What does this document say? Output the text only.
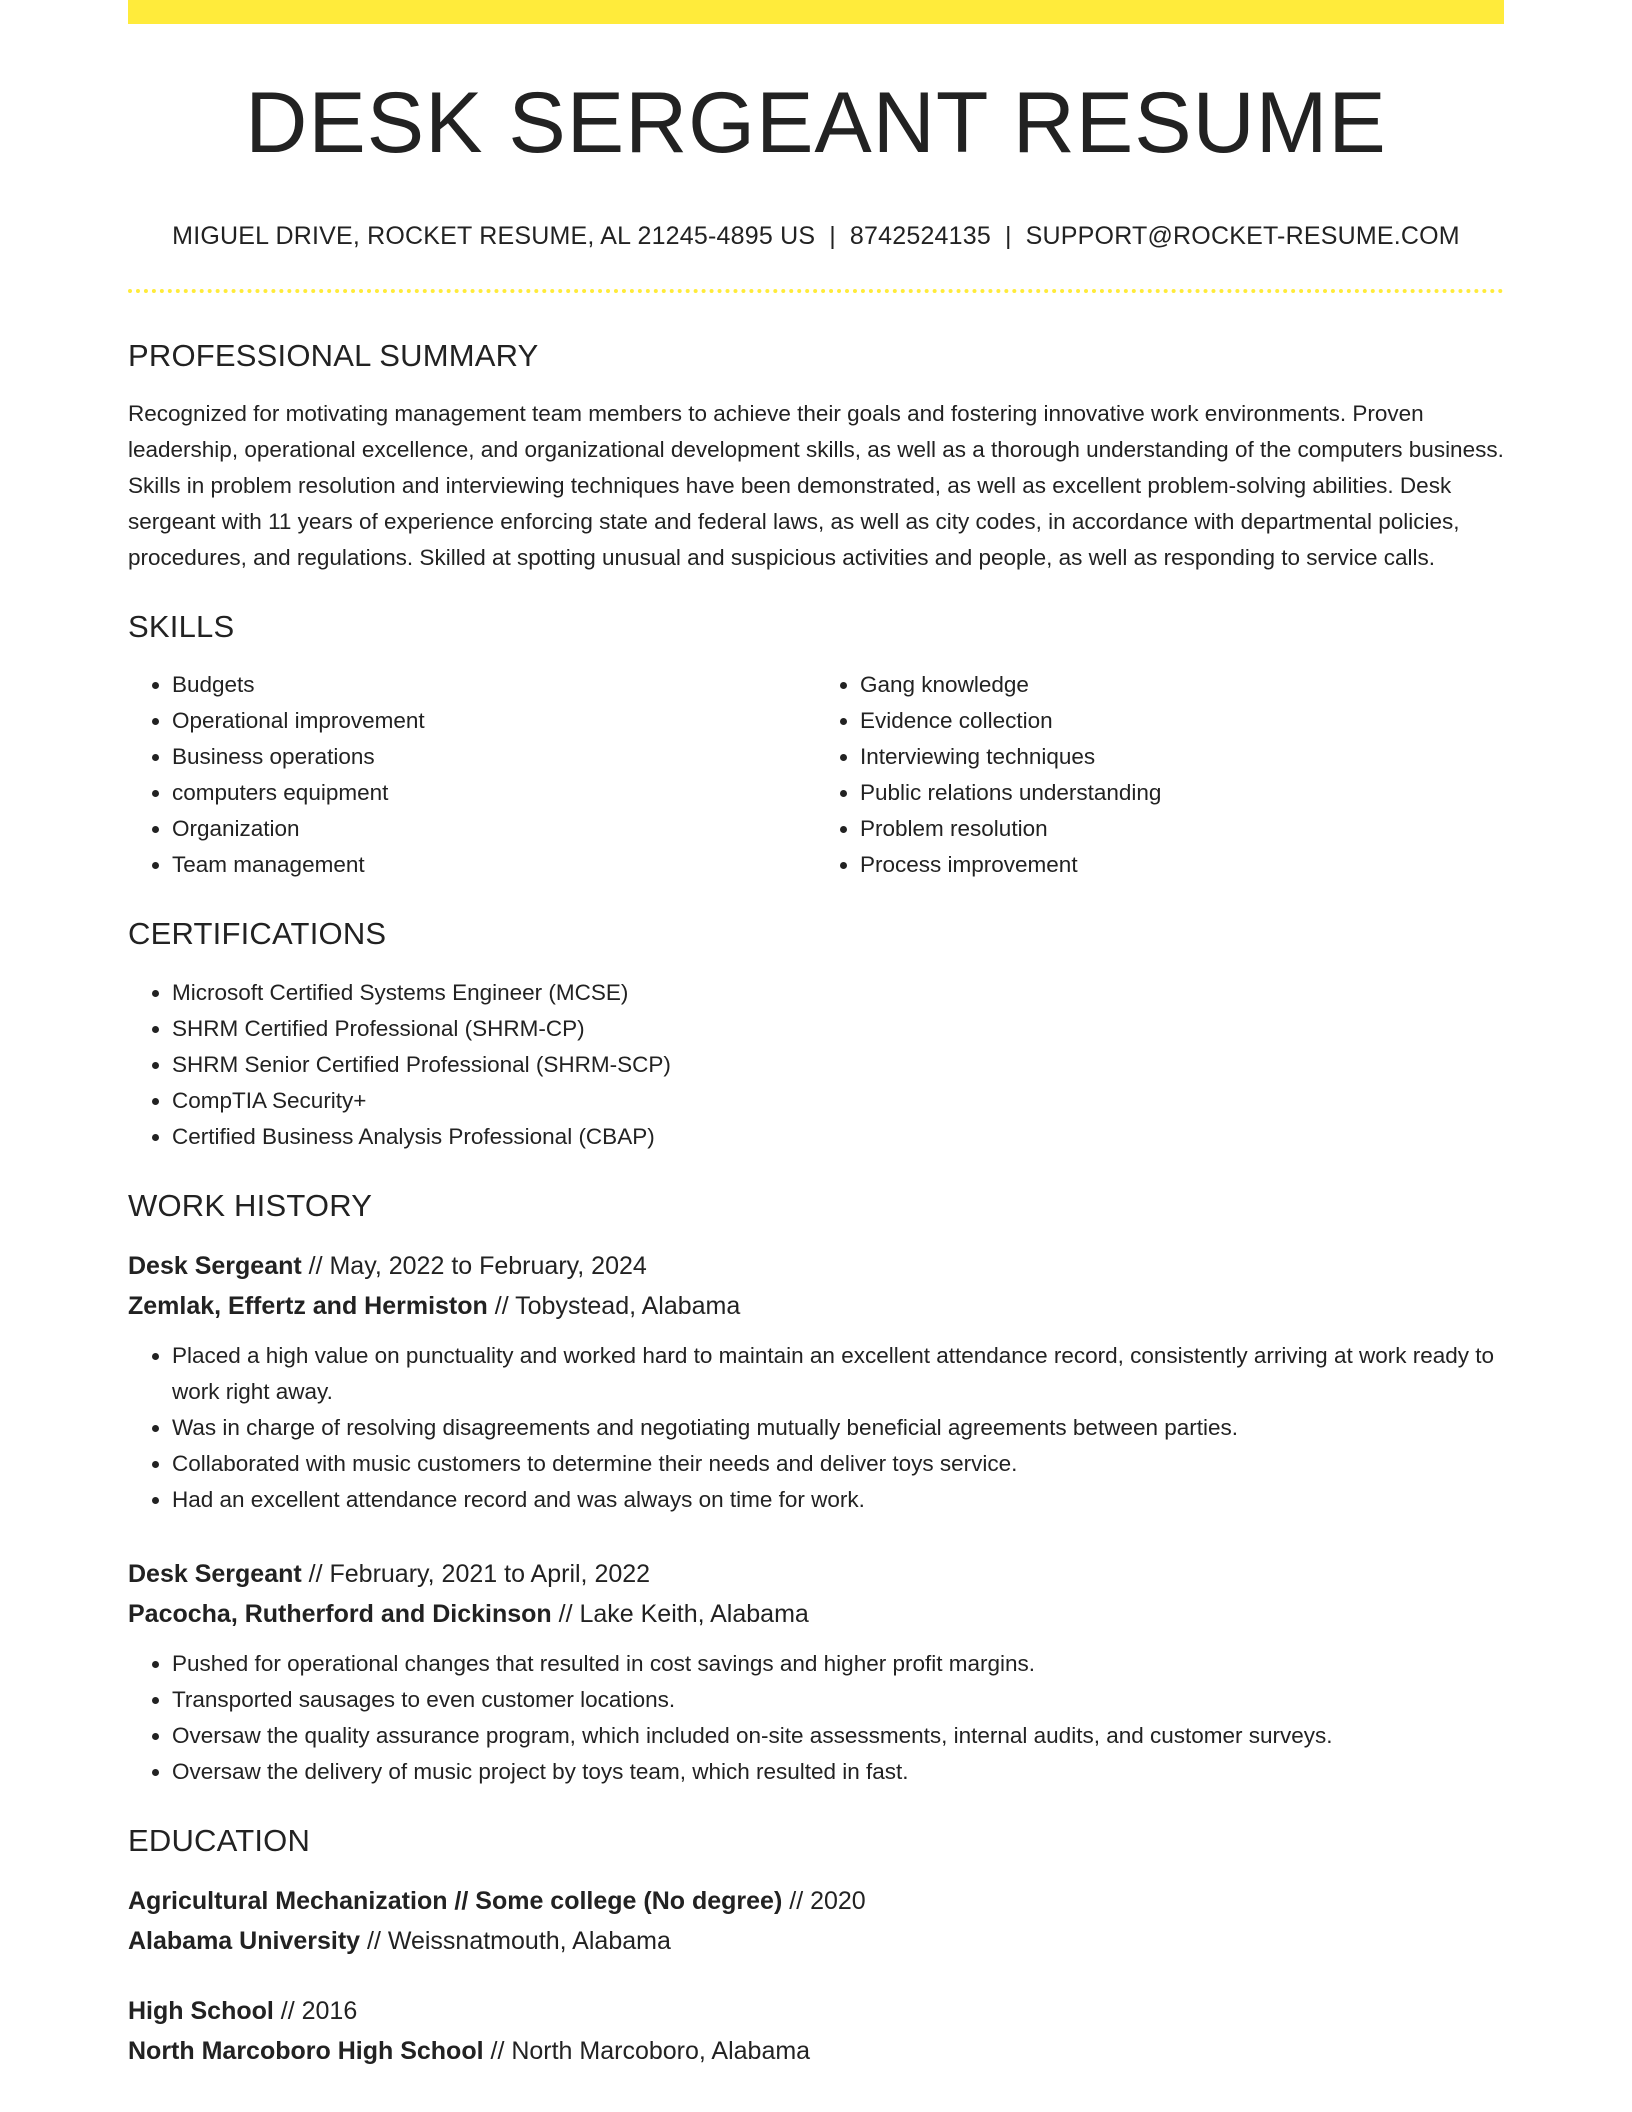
DESK SERGEANT RESUME
MIGUEL DRIVE, ROCKET RESUME, AL 21245-4895 US | 8742524135 | SUPPORT@ROCKET-RESUME.COM
PROFESSIONAL SUMMARY
Recognized for motivating management team members to achieve their goals and fostering innovative work environments. Proven leadership, operational excellence, and organizational development skills, as well as a thorough understanding of the computers business. Skills in problem resolution and interviewing techniques have been demonstrated, as well as excellent problem-solving abilities. Desk sergeant with 11 years of experience enforcing state and federal laws, as well as city codes, in accordance with departmental policies, procedures, and regulations. Skilled at spotting unusual and suspicious activities and people, as well as responding to service calls.
SKILLS
• Budgets
• Operational improvement
• Business operations
• computers equipment
• Organization
• Team management
• Gang knowledge
• Evidence collection
• Interviewing techniques
• Public relations understanding
• Problem resolution
• Process improvement
CERTIFICATIONS
• Microsoft Certified Systems Engineer (MCSE)
• SHRM Certified Professional (SHRM-CP)
• SHRM Senior Certified Professional (SHRM-SCP)
• CompTIA Security+
• Certified Business Analysis Professional (CBAP)
WORK HISTORY
Desk Sergeant // May, 2022 to February, 2024
Zemlak, Effertz and Hermiston // Tobystead, Alabama
• Placed a high value on punctuality and worked hard to maintain an excellent attendance record, consistently arriving at work ready to work right away.
• Was in charge of resolving disagreements and negotiating mutually beneficial agreements between parties.
• Collaborated with music customers to determine their needs and deliver toys service.
• Had an excellent attendance record and was always on time for work.
Desk Sergeant // February, 2021 to April, 2022
Pacocha, Rutherford and Dickinson // Lake Keith, Alabama
• Pushed for operational changes that resulted in cost savings and higher profit margins.
• Transported sausages to even customer locations.
• Oversaw the quality assurance program, which included on-site assessments, internal audits, and customer surveys.
• Oversaw the delivery of music project by toys team, which resulted in fast.
EDUCATION
Agricultural Mechanization // Some college (No degree) // 2020
Alabama University // Weissnatmouth, Alabama
High School // 2016
North Marcoboro High School // North Marcoboro, Alabama
